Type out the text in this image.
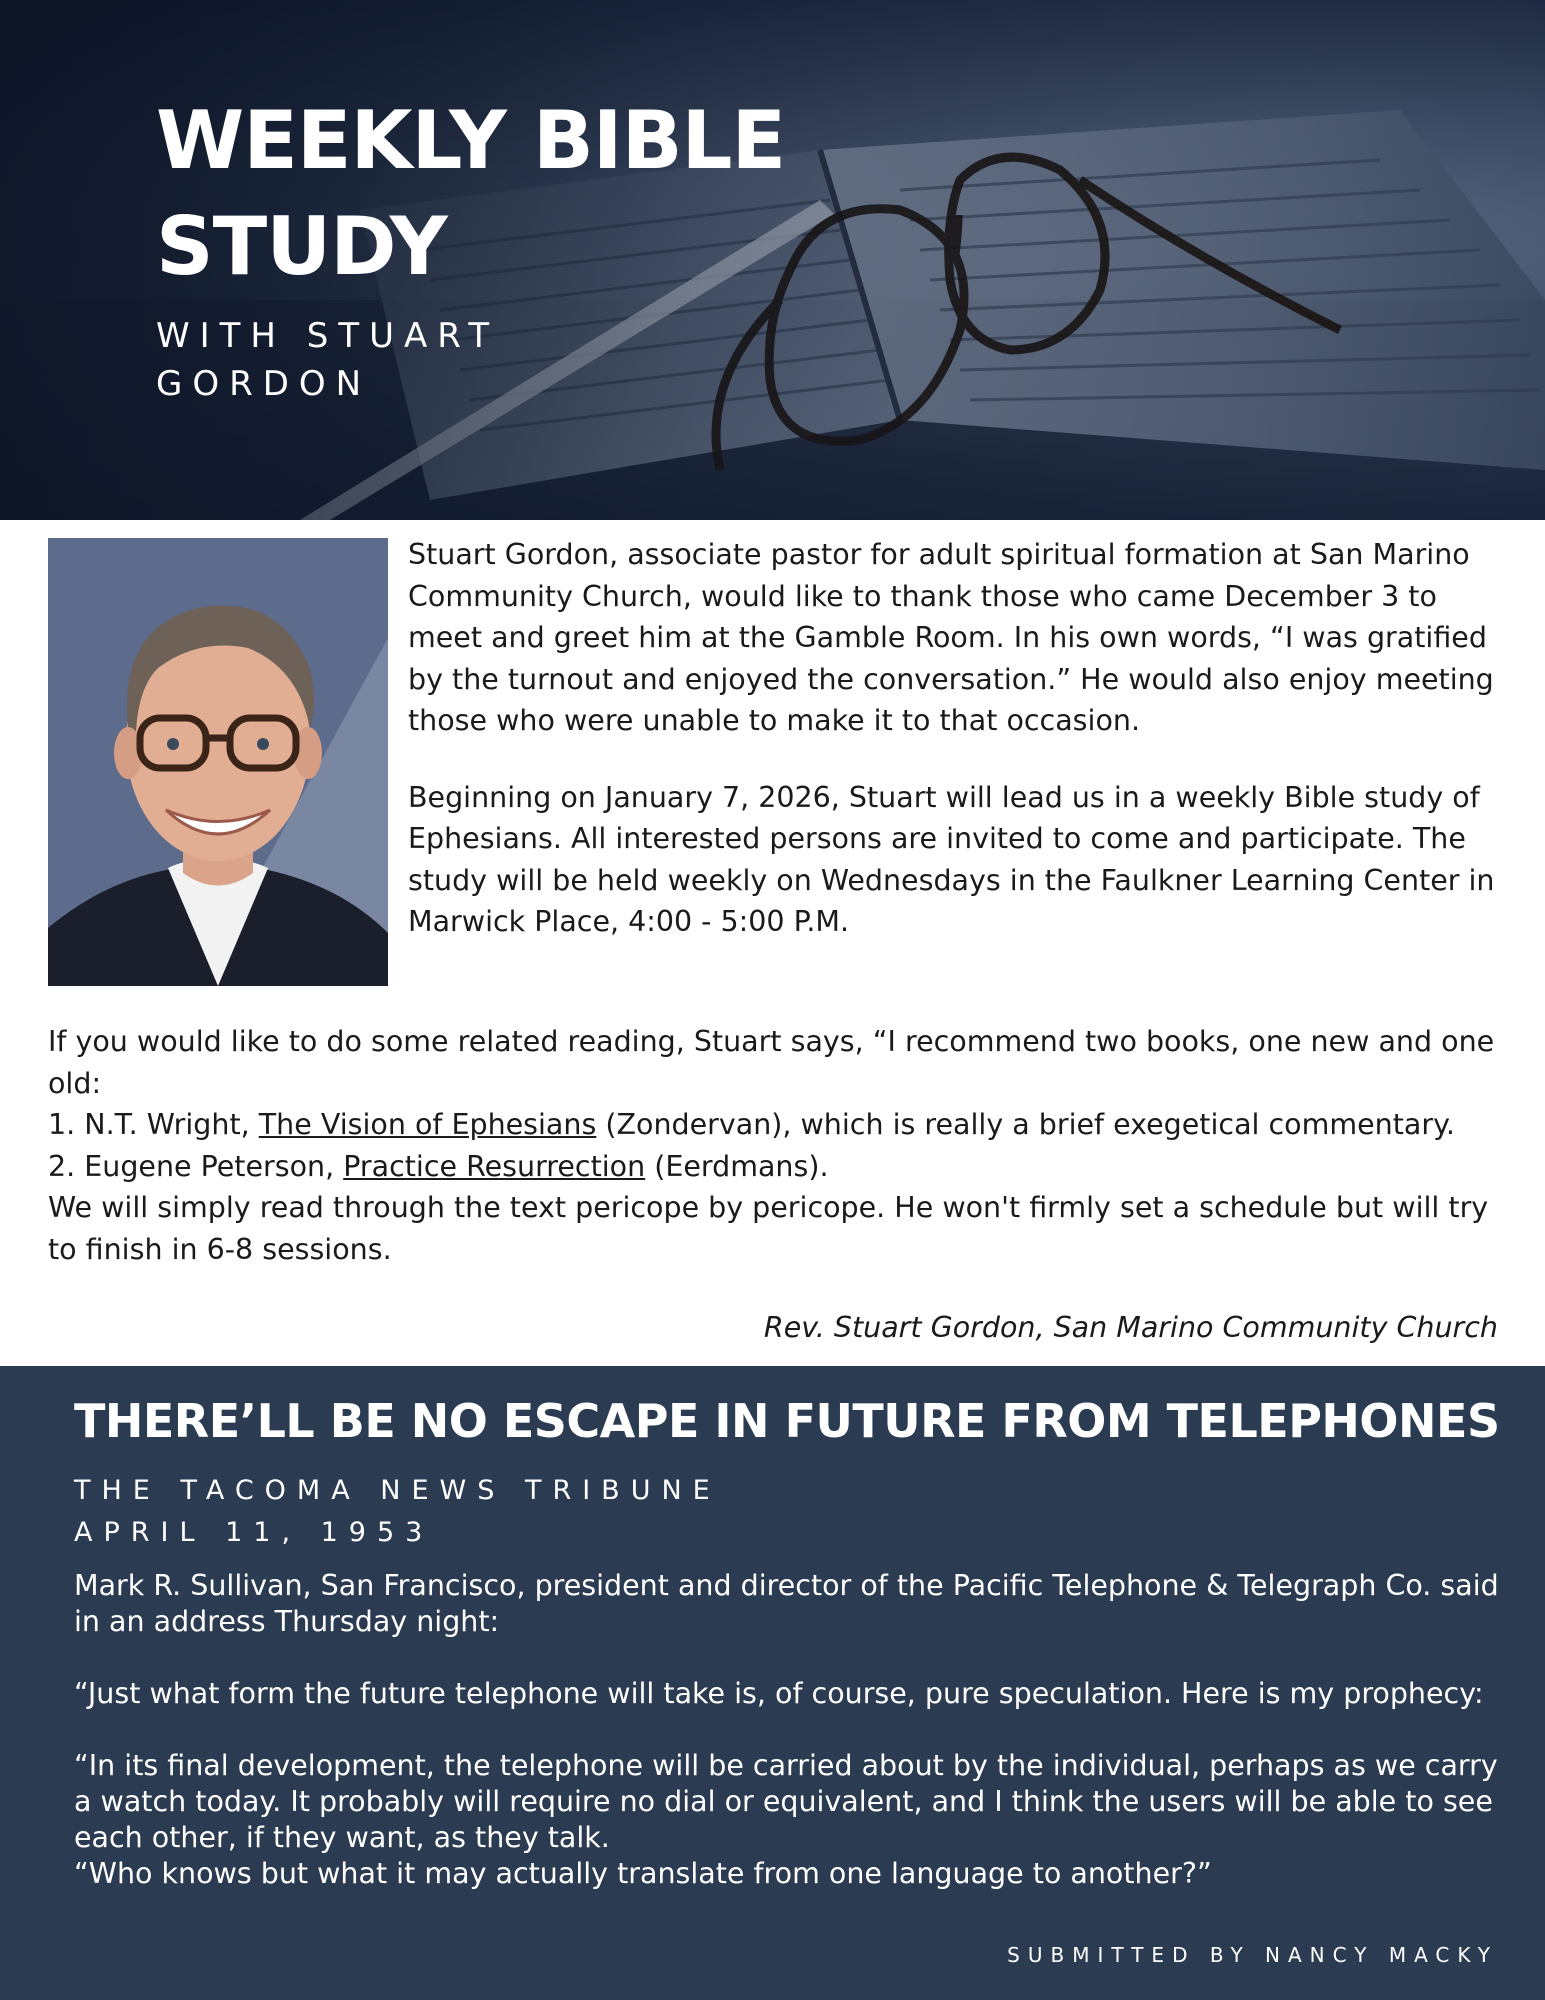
WEEKLY BIBLE
STUDY
WITH STUART
GORDON

Stuart Gordon, associate pastor for adult spiritual formation at San Marino Community Church, would like to thank those who came December 3 to meet and greet him at the Gamble Room. In his own words, “I was gratified by the turnout and enjoyed the conversation.” He would also enjoy meeting those who were unable to make it to that occasion.

Beginning on January 7, 2026, Stuart will lead us in a weekly Bible study of Ephesians. All interested persons are invited to come and participate. The study will be held weekly on Wednesdays in the Faulkner Learning Center in Marwick Place, 4:00 - 5:00 P.M.

If you would like to do some related reading, Stuart says, “I recommend two books, one new and one old:
1. N.T. Wright, The Vision of Ephesians (Zondervan), which is really a brief exegetical commentary.
2. Eugene Peterson, Practice Resurrection (Eerdmans).
We will simply read through the text pericope by pericope. He won't firmly set a schedule but will try to finish in 6-8 sessions.
Rev. Stuart Gordon, San Marino Community Church
THERE’LL BE NO ESCAPE IN FUTURE FROM TELEPHONES
THE TACOMA NEWS TRIBUNE
APRIL 11, 1953

Mark R. Sullivan, San Francisco, president and director of the Pacific Telephone & Telegraph Co. said in an address Thursday night:

“Just what form the future telephone will take is, of course, pure speculation. Here is my prophecy:

“In its final development, the telephone will be carried about by the individual, perhaps as we carry a watch today. It probably will require no dial or equivalent, and I think the users will be able to see each other, if they want, as they talk.

“Who knows but what it may actually translate from one language to another?”

SUBMITTED BY NANCY MACKY
